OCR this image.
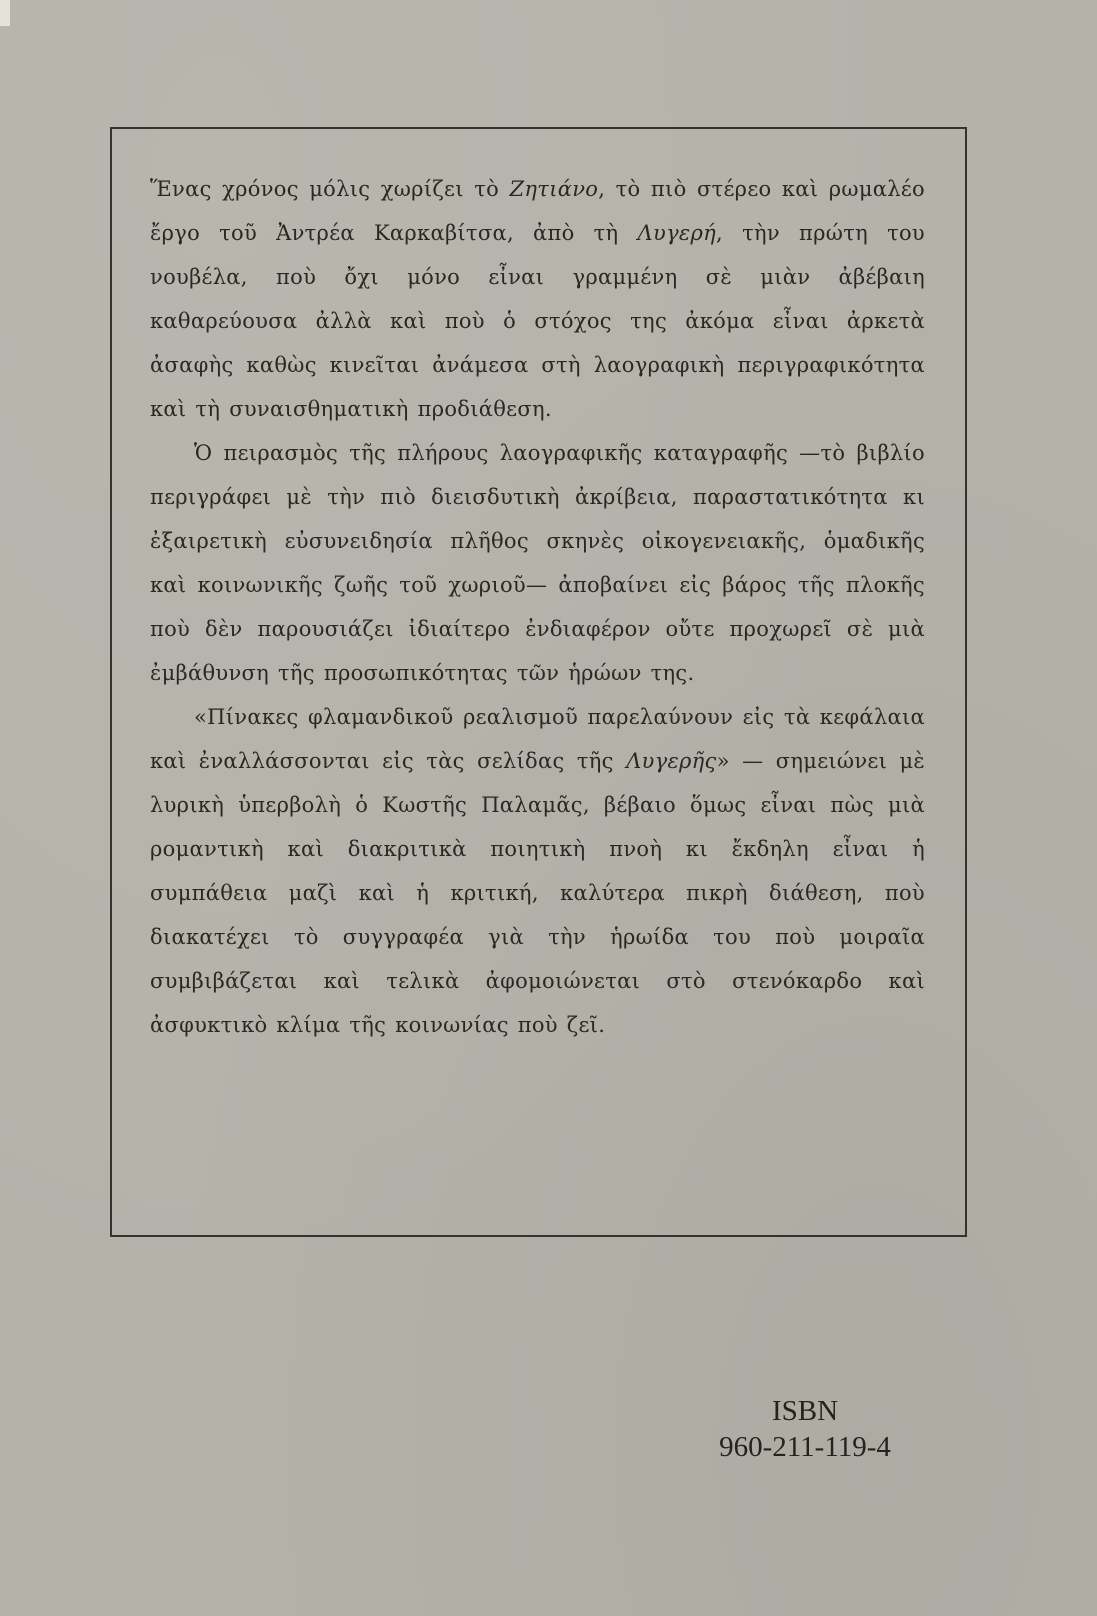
Ἕνας χρόνος μόλις χωρίζει τὸ Ζητιάνο, τὸ πιὸ στέρεο καὶ ρωμαλέο ἔργο τοῦ Ἀντρέα Καρκαβίτσα, ἀπὸ τὴ Λυγερή, τὴν πρώτη του νουβέλα, ποὺ ὄχι μόνο εἶναι γραμμένη σὲ μιὰν ἀβέβαιη καθαρεύουσα ἀλλὰ καὶ ποὺ ὁ στόχος της ἀκόμα εἶναι ἀρκετὰ ἀσαφὴς καθὼς κινεῖται ἀνάμεσα στὴ λαογραφικὴ περιγραφικότητα καὶ τὴ συναισθηματικὴ προδιάθεση.

Ὁ πειρασμὸς τῆς πλήρους λαογραφικῆς καταγραφῆς —τὸ βιβλίο περιγράφει μὲ τὴν πιὸ διεισδυτικὴ ἀκρίβεια, παραστατικότητα κι ἐξαιρετικὴ εὐσυνειδησία πλῆθος σκηνὲς οἰκογενειακῆς, ὁμαδικῆς καὶ κοινωνικῆς ζωῆς τοῦ χωριοῦ— ἀποβαίνει εἰς βάρος τῆς πλοκῆς ποὺ δὲν παρουσιάζει ἰδιαίτερο ἐνδιαφέρον οὔτε προχωρεῖ σὲ μιὰ ἐμβάθυνση τῆς προσωπικότητας τῶν ἡρώων της.

«Πίνακες φλαμανδικοῦ ρεαλισμοῦ παρελαύνουν εἰς τὰ κεφάλαια καὶ ἐναλλάσσονται εἰς τὰς σελίδας τῆς Λυγερῆς» — σημειώνει μὲ λυρικὴ ὑπερβολὴ ὁ Κωστῆς Παλαμᾶς, βέβαιο ὅμως εἶναι πὼς μιὰ ρομαντικὴ καὶ διακριτικὰ ποιητικὴ πνοὴ κι ἔκδηλη εἶναι ἡ συμπάθεια μαζὶ καὶ ἡ κριτική, καλύτερα πικρὴ διάθεση, ποὺ διακατέχει τὸ συγγραφέα γιὰ τὴν ἡρωίδα του ποὺ μοιραῖα συμβιβάζεται καὶ τελικὰ ἀφομοιώνεται στὸ στενόκαρδο καὶ ἀσφυκτικὸ κλίμα τῆς κοινωνίας ποὺ ζεῖ.

ISBN
960-211-119-4
